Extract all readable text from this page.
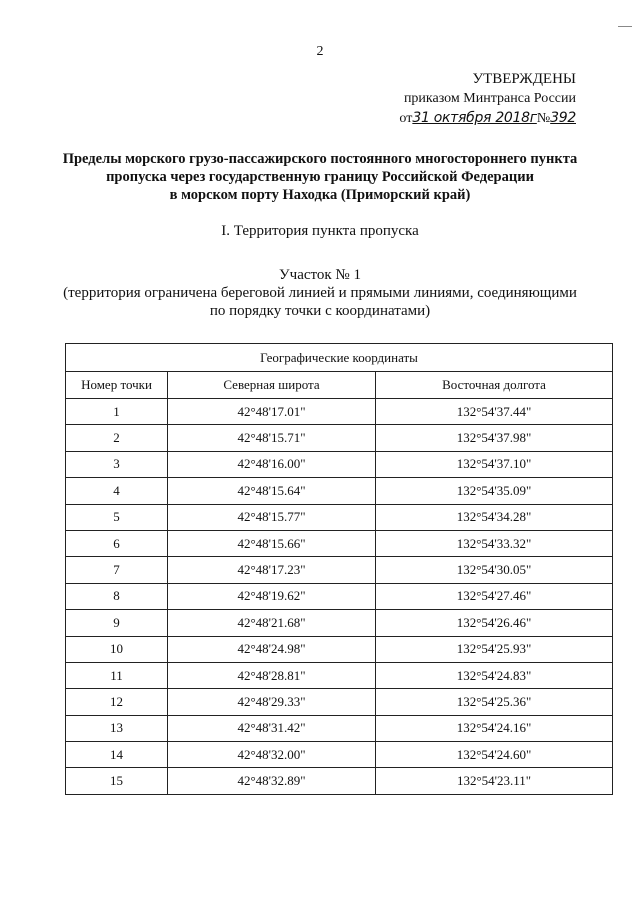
2
УТВЕРЖДЕНЫ
приказом Минтранса России
от31 октября 2018г№392
Пределы морского грузо-пассажирского постоянного многостороннего пункта
пропуска через государственную границу Российской Федерации
в морском порту Находка (Приморский край)
I. Территория пункта пропуска
Участок № 1
(территория ограничена береговой линией и прямыми линиями, соединяющими
по порядку точки с координатами)
Географические координаты		
Номер точки	Северная широта	Восточная долгота
1	42°48'17.01"	132°54'37.44"
2	42°48'15.71"	132°54'37.98"
3	42°48'16.00"	132°54'37.10"
4	42°48'15.64"	132°54'35.09"
5	42°48'15.77"	132°54'34.28"
6	42°48'15.66"	132°54'33.32"
7	42°48'17.23"	132°54'30.05"
8	42°48'19.62"	132°54'27.46"
9	42°48'21.68"	132°54'26.46"
10	42°48'24.98"	132°54'25.93"
11	42°48'28.81"	132°54'24.83"
12	42°48'29.33"	132°54'25.36"
13	42°48'31.42"	132°54'24.16"
14	42°48'32.00"	132°54'24.60"
15	42°48'32.89"	132°54'23.11"
